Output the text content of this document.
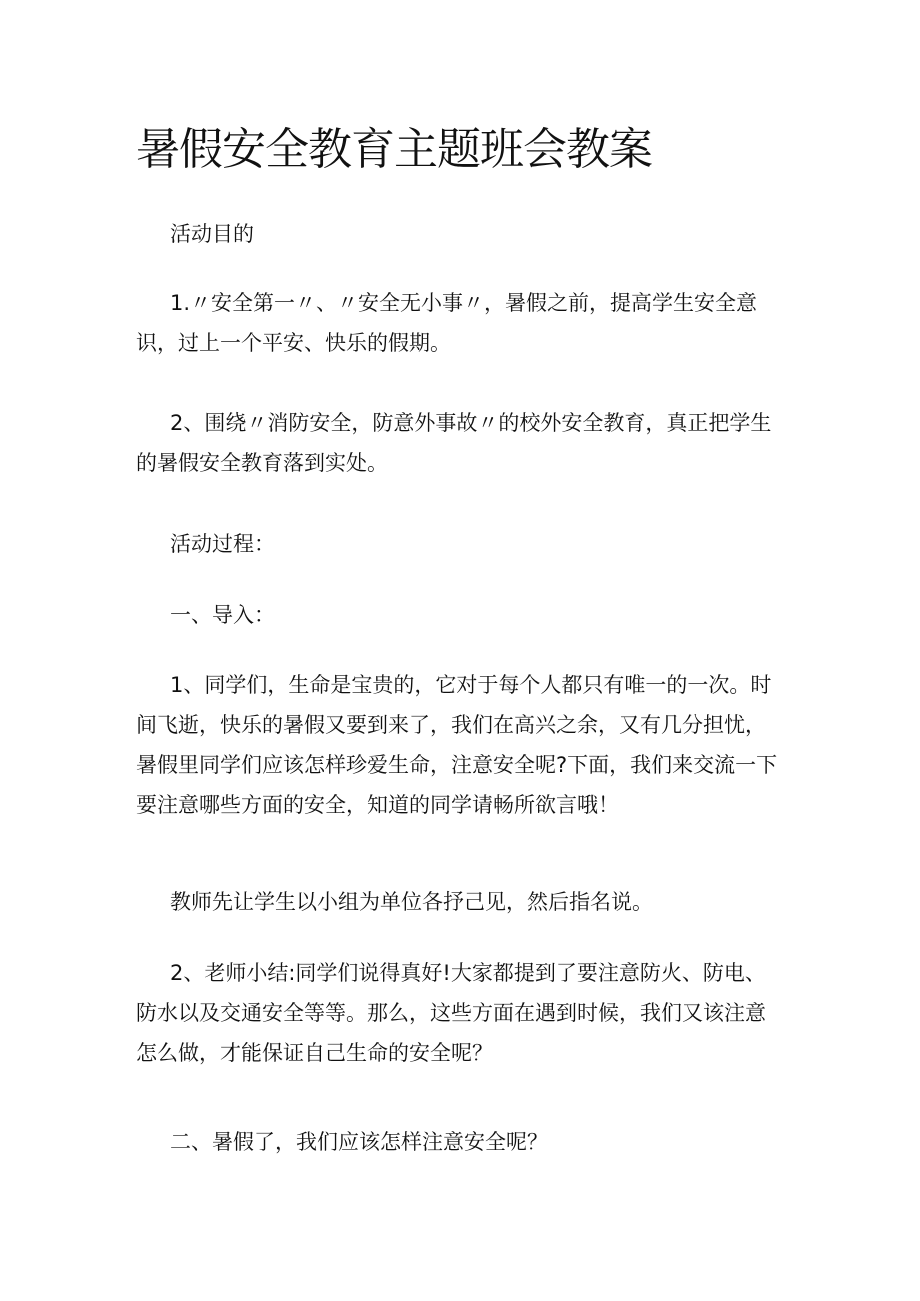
暑假安全教育主题班会教案

活动目的

1.〃安全第一〃、〃安全无小事〃，暑假之前，提高学生安全意识，过上一个平安、快乐的假期。

2、围绕〃消防安全，防意外事故〃的校外安全教育，真正把学生的暑假安全教育落到实处。

活动过程：

一、导入：

1、同学们，生命是宝贵的，它对于每个人都只有唯一的一次。时间飞逝，快乐的暑假又要到来了，我们在高兴之余，又有几分担忧，暑假里同学们应该怎样珍爱生命，注意安全呢?下面，我们来交流一下要注意哪些方面的安全，知道的同学请畅所欲言哦！

教师先让学生以小组为单位各抒己见，然后指名说。

2、老师小结:同学们说得真好!大家都提到了要注意防火、防电、防水以及交通安全等等。那么，这些方面在遇到时候，我们又该注意怎么做，才能保证自己生命的安全呢？

二、暑假了，我们应该怎样注意安全呢？
